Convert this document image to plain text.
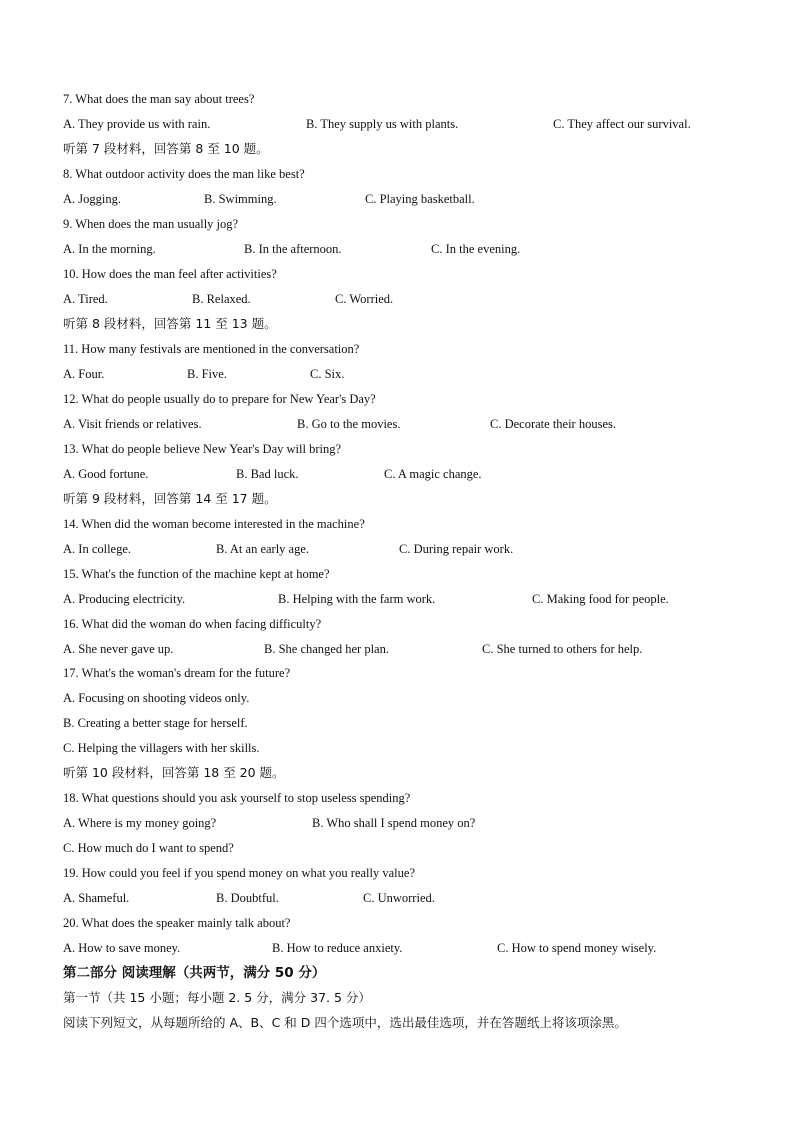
7. What does the man say about trees?
A. They provide us with rain.	B. They supply us with plants.	C. They affect our survival.
听第 7 段材料，回答第 8 至 10 题。
8. What outdoor activity does the man like best?
A. Jogging.	B. Swimming.	C. Playing basketball.
9. When does the man usually jog?
A. In the morning.	B. In the afternoon.	C. In the evening.
10. How does the man feel after activities?
A. Tired.	B. Relaxed.	C. Worried.
听第 8 段材料，回答第 11 至 13 题。
11. How many festivals are mentioned in the conversation?
A. Four.	B. Five.	C. Six.
12. What do people usually do to prepare for New Year's Day?
A. Visit friends or relatives.	B. Go to the movies.	C. Decorate their houses.
13. What do people believe New Year's Day will bring?
A. Good fortune.	B. Bad luck.	C. A magic change.
听第 9 段材料，回答第 14 至 17 题。
14. When did the woman become interested in the machine?
A. In college.	B. At an early age.	C. During repair work.
15. What's the function of the machine kept at home?
A. Producing electricity.	B. Helping with the farm work.	C. Making food for people.
16. What did the woman do when facing difficulty?
A. She never gave up.	B. She changed her plan.	C. She turned to others for help.
17. What's the woman's dream for the future?
A. Focusing on shooting videos only.
B. Creating a better stage for herself.
C. Helping the villagers with her skills.
听第 10 段材料，回答第 18 至 20 题。
18. What questions should you ask yourself to stop useless spending?
A. Where is my money going?	B. Who shall I spend money on?
C. How much do I want to spend?
19. How could you feel if you spend money on what you really value?
A. Shameful.	B. Doubtful.	C. Unworried.
20. What does the speaker mainly talk about?
A. How to save money.	B. How to reduce anxiety.	C. How to spend money wisely.
第二部分 阅读理解（共两节，满分 50 分）
第一节（共 15 小题；每小题 2. 5 分，满分 37. 5 分）
阅读下列短文，从每题所给的 A、B、C 和 D 四个选项中，选出最佳选项，并在答题纸上将该项涂黑。
